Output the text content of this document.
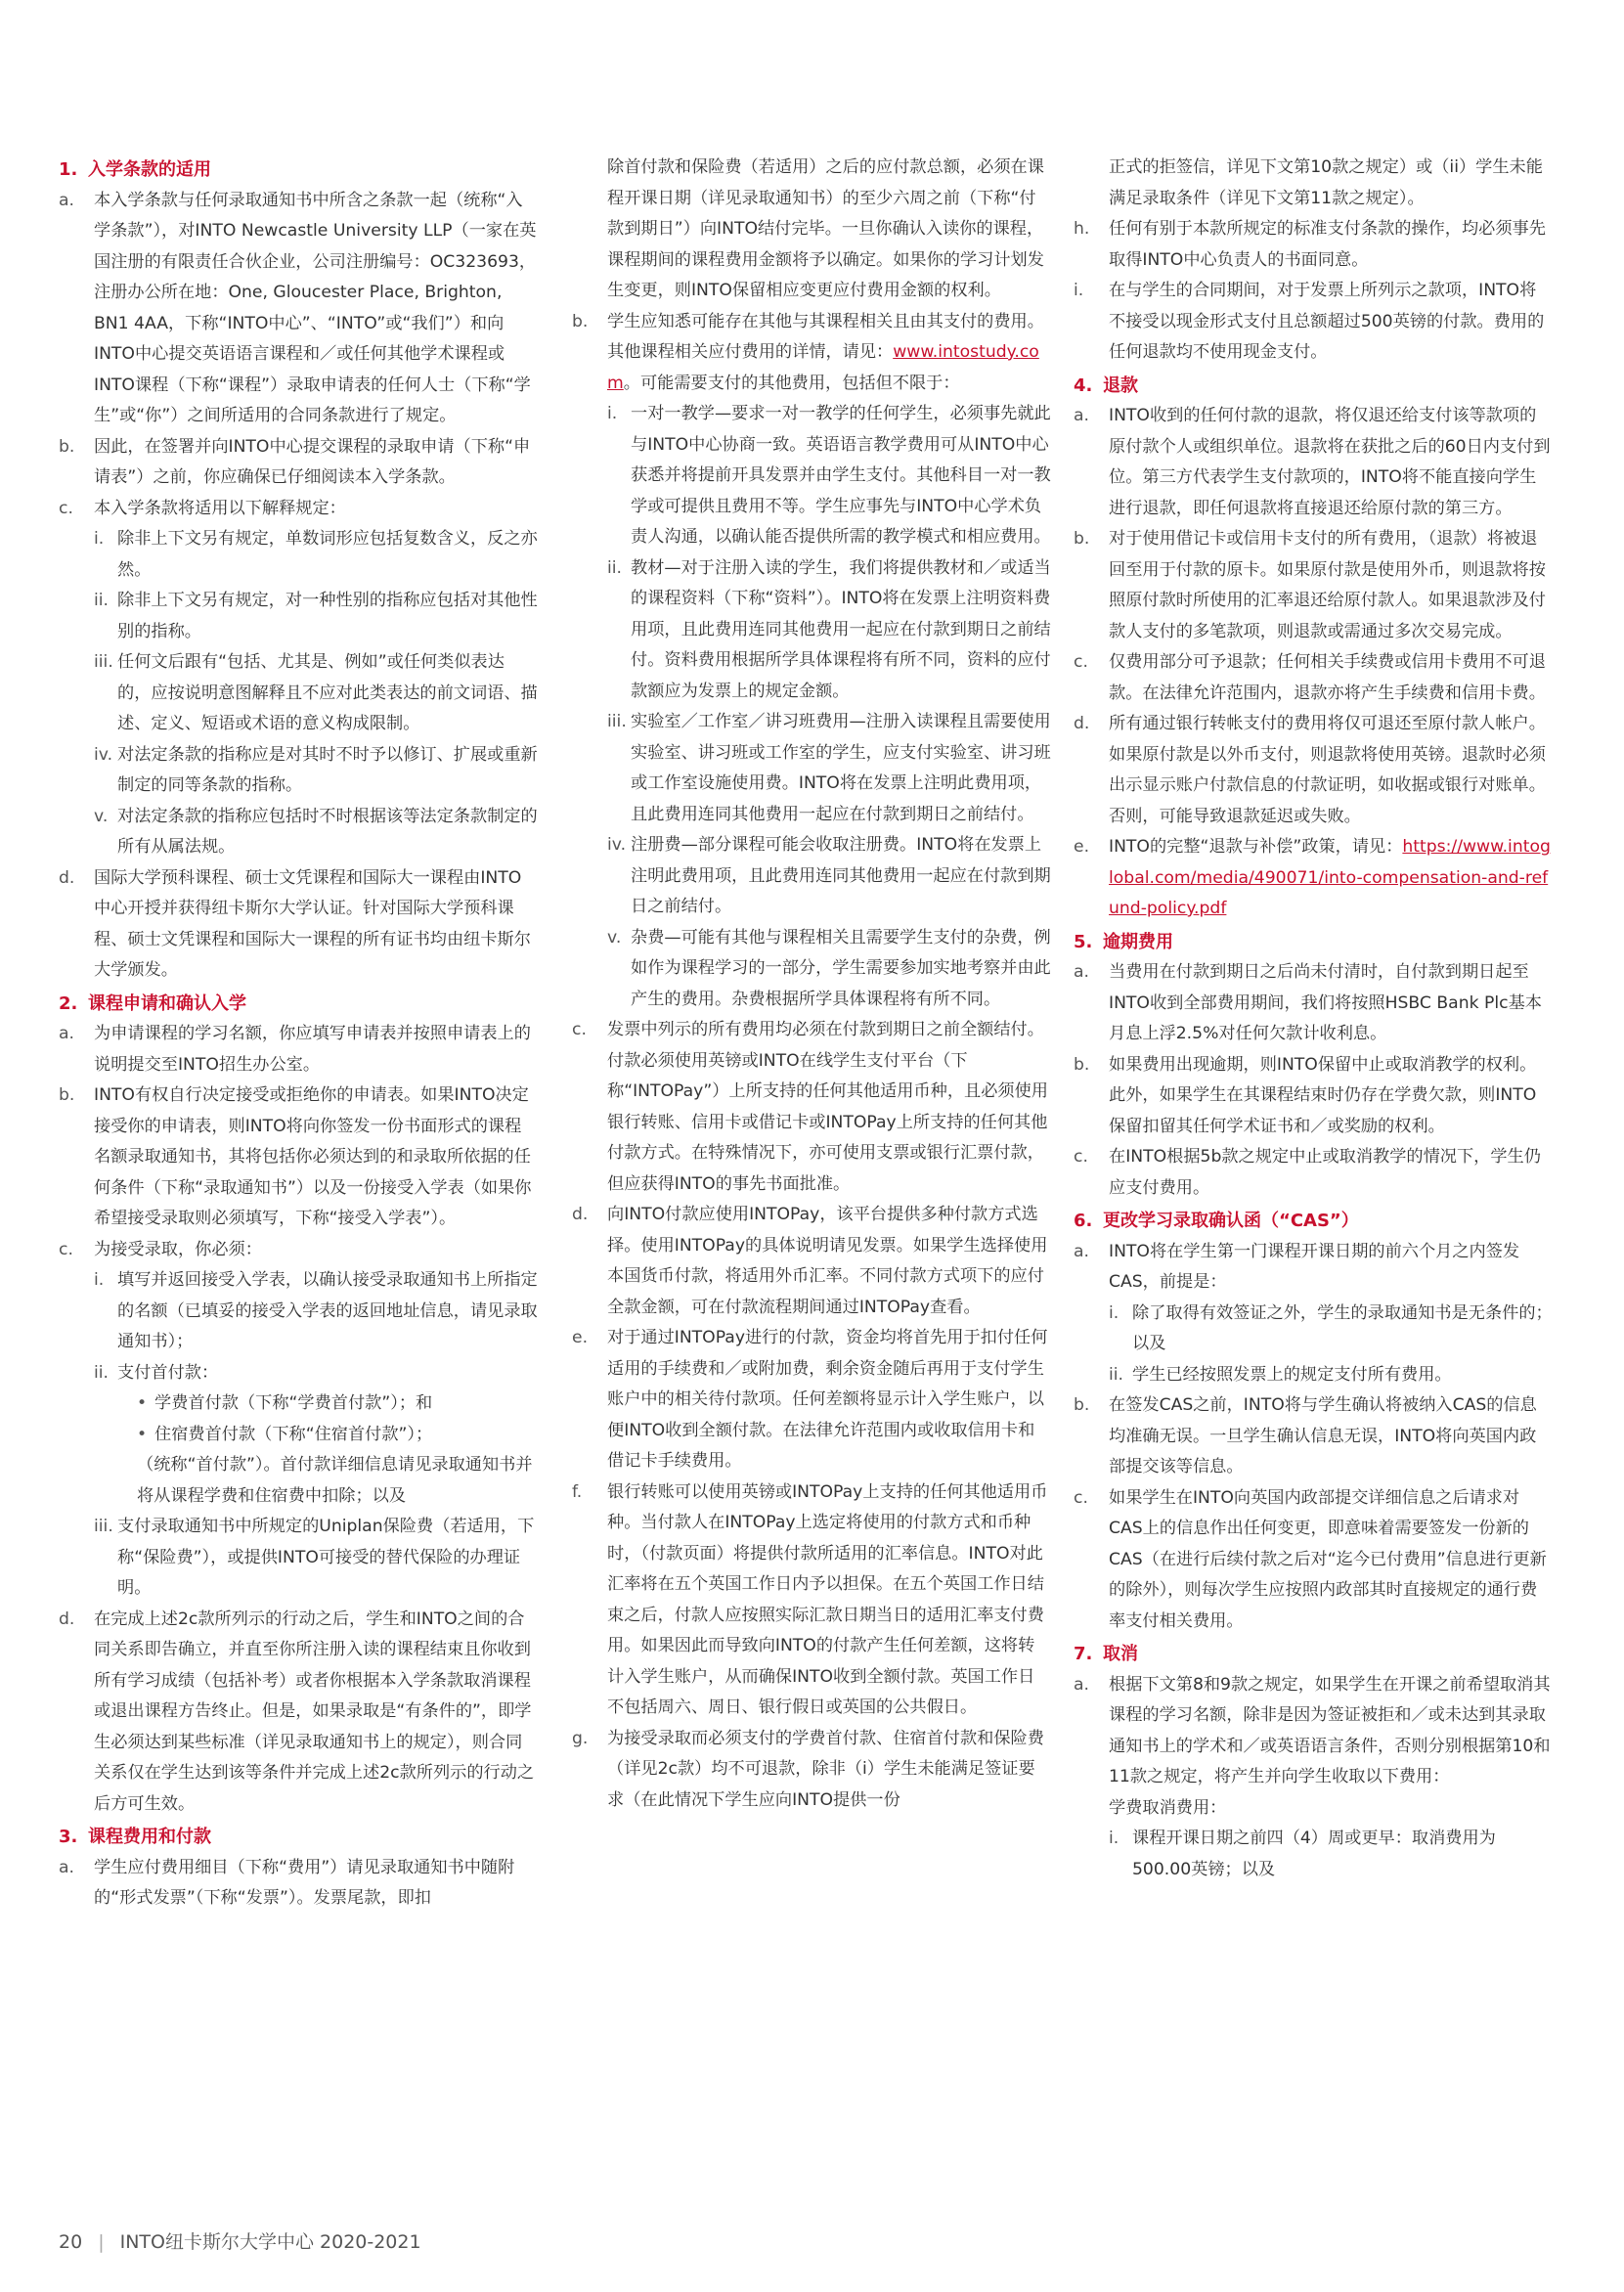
1. 入学条款的适用
a. 本入学条款与任何录取通知书中所含之条款一起（统称“入学条款”），对INTO Newcastle University LLP（一家在英国注册的有限责任合伙企业，公司注册编号：OC323693，注册办公所在地：One, Gloucester Place, Brighton, BN1 4AA，下称“INTO中心”、“INTO”或“我们”）和向INTO中心提交英语语言课程和／或任何其他学术课程或INTO课程（下称“课程”）录取申请表的任何人士（下称“学生”或“你”）之间所适用的合同条款进行了规定。
b. 因此，在签署并向INTO中心提交课程的录取申请（下称“申请表”）之前，你应确保已仔细阅读本入学条款。
c. 本入学条款将适用以下解释规定：
i. 除非上下文另有规定，单数词形应包括复数含义，反之亦然。
ii. 除非上下文另有规定，对一种性别的指称应包括对其他性别的指称。
iii. 任何文后跟有“包括、尤其是、例如”或任何类似表达的，应按说明意图解释且不应对此类表达的前文词语、描述、定义、短语或术语的意义构成限制。
iv. 对法定条款的指称应是对其时不时予以修订、扩展或重新制定的同等条款的指称。
v. 对法定条款的指称应包括时不时根据该等法定条款制定的所有从属法规。
d. 国际大学预科课程、硕士文凭课程和国际大一课程由INTO中心开授并获得纽卡斯尔大学认证。针对国际大学预科课程、硕士文凭课程和国际大一课程的所有证书均由纽卡斯尔大学颁发。
2. 课程申请和确认入学
a. 为申请课程的学习名额，你应填写申请表并按照申请表上的说明提交至INTO招生办公室。
b. INTO有权自行决定接受或拒绝你的申请表。如果INTO决定接受你的申请表，则INTO将向你签发一份书面形式的课程名额录取通知书，其将包括你必须达到的和录取所依据的任何条件（下称“录取通知书”）以及一份接受入学表（如果你希望接受录取则必须填写，下称“接受入学表”）。
c. 为接受录取，你必须：
i. 填写并返回接受入学表，以确认接受录取通知书上所指定的名额（已填妥的接受入学表的返回地址信息，请见录取通知书）；
ii. 支付首付款：
• 学费首付款（下称“学费首付款”）；和
• 住宿费首付款（下称“住宿首付款”）；
（统称“首付款”）。首付款详细信息请见录取通知书并将从课程学费和住宿费中扣除；以及
iii. 支付录取通知书中所规定的Uniplan保险费（若适用，下称“保险费”），或提供INTO可接受的替代保险的办理证明。
d. 在完成上述2c款所列示的行动之后，学生和INTO之间的合同关系即告确立，并直至你所注册入读的课程结束且你收到所有学习成绩（包括补考）或者你根据本入学条款取消课程或退出课程方告终止。但是，如果录取是“有条件的”，即学生必须达到某些标准（详见录取通知书上的规定），则合同关系仅在学生达到该等条件并完成上述2c款所列示的行动之后方可生效。
3. 课程费用和付款
a. 学生应付费用细目（下称“费用”）请见录取通知书中随附的“形式发票”（下称“发票”）。发票尾款，即扣
除首付款和保险费（若适用）之后的应付款总额，必须在课程开课日期（详见录取通知书）的至少六周之前（下称“付款到期日”）向INTO结付完毕。一旦你确认入读你的课程，课程期间的课程费用金额将予以确定。如果你的学习计划发生变更，则INTO保留相应变更应付费用金额的权利。
b. 学生应知悉可能存在其他与其课程相关且由其支付的费用。其他课程相关应付费用的详情，请见：www.intostudy.com。可能需要支付的其他费用，包括但不限于：
i. 一对一教学—要求一对一教学的任何学生，必须事先就此与INTO中心协商一致。英语语言教学费用可从INTO中心获悉并将提前开具发票并由学生支付。其他科目一对一教学或可提供且费用不等。学生应事先与INTO中心学术负责人沟通，以确认能否提供所需的教学模式和相应费用。
ii. 教材—对于注册入读的学生，我们将提供教材和／或适当的课程资料（下称“资料”）。INTO将在发票上注明资料费用项，且此费用连同其他费用一起应在付款到期日之前结付。资料费用根据所学具体课程将有所不同，资料的应付款额应为发票上的规定金额。
iii. 实验室／工作室／讲习班费用—注册入读课程且需要使用实验室、讲习班或工作室的学生，应支付实验室、讲习班或工作室设施使用费。INTO将在发票上注明此费用项，且此费用连同其他费用一起应在付款到期日之前结付。
iv. 注册费—部分课程可能会收取注册费。INTO将在发票上注明此费用项，且此费用连同其他费用一起应在付款到期日之前结付。
v. 杂费—可能有其他与课程相关且需要学生支付的杂费，例如作为课程学习的一部分，学生需要参加实地考察并由此产生的费用。杂费根据所学具体课程将有所不同。
c. 发票中列示的所有费用均必须在付款到期日之前全额结付。付款必须使用英镑或INTO在线学生支付平台（下称“INTOPay”）上所支持的任何其他适用币种，且必须使用银行转账、信用卡或借记卡或INTOPay上所支持的任何其他付款方式。在特殊情况下，亦可使用支票或银行汇票付款，但应获得INTO的事先书面批准。
d. 向INTO付款应使用INTOPay，该平台提供多种付款方式选择。使用INTOPay的具体说明请见发票。如果学生选择使用本国货币付款，将适用外币汇率。不同付款方式项下的应付全款金额，可在付款流程期间通过INTOPay查看。
e. 对于通过INTOPay进行的付款，资金均将首先用于扣付任何适用的手续费和／或附加费，剩余资金随后再用于支付学生账户中的相关待付款项。任何差额将显示计入学生账户，以便INTO收到全额付款。在法律允许范围内或收取信用卡和借记卡手续费用。
f. 银行转账可以使用英镑或INTOPay上支持的任何其他适用币种。当付款人在INTOPay上选定将使用的付款方式和币种时，（付款页面）将提供付款所适用的汇率信息。INTO对此汇率将在五个英国工作日内予以担保。在五个英国工作日结束之后，付款人应按照实际汇款日期当日的适用汇率支付费用。如果因此而导致向INTO的付款产生任何差额，这将转计入学生账户，从而确保INTO收到全额付款。英国工作日不包括周六、周日、银行假日或英国的公共假日。
g. 为接受录取而必须支付的学费首付款、住宿首付款和保险费（详见2c款）均不可退款，除非（i）学生未能满足签证要求（在此情况下学生应向INTO提供一份
正式的拒签信，详见下文第10款之规定）或（ii）学生未能满足录取条件（详见下文第11款之规定）。
h. 任何有别于本款所规定的标准支付条款的操作，均必须事先取得INTO中心负责人的书面同意。
i. 在与学生的合同期间，对于发票上所列示之款项，INTO将不接受以现金形式支付且总额超过500英镑的付款。费用的任何退款均不使用现金支付。
4. 退款
a. INTO收到的任何付款的退款，将仅退还给支付该等款项的原付款个人或组织单位。退款将在获批之后的60日内支付到位。第三方代表学生支付款项的，INTO将不能直接向学生进行退款，即任何退款将直接退还给原付款的第三方。
b. 对于使用借记卡或信用卡支付的所有费用，（退款）将被退回至用于付款的原卡。如果原付款是使用外币，则退款将按照原付款时所使用的汇率退还给原付款人。如果退款涉及付款人支付的多笔款项，则退款或需通过多次交易完成。
c. 仅费用部分可予退款；任何相关手续费或信用卡费用不可退款。在法律允许范围内，退款亦将产生手续费和信用卡费。
d. 所有通过银行转帐支付的费用将仅可退还至原付款人帐户。如果原付款是以外币支付，则退款将使用英镑。退款时必须出示显示账户付款信息的付款证明，如收据或银行对账单。否则，可能导致退款延迟或失败。
e. INTO的完整“退款与补偿”政策，请见：https://www.intoglobal.com/media/490071/into-compensation-and-refund-policy.pdf
5. 逾期费用
a. 当费用在付款到期日之后尚未付清时，自付款到期日起至INTO收到全部费用期间，我们将按照HSBC Bank Plc基本月息上浮2.5%对任何欠款计收利息。
b. 如果费用出现逾期，则INTO保留中止或取消教学的权利。此外，如果学生在其课程结束时仍存在学费欠款，则INTO保留扣留其任何学术证书和／或奖励的权利。
c. 在INTO根据5b款之规定中止或取消教学的情况下，学生仍应支付费用。
6. 更改学习录取确认函（“CAS”）
a. INTO将在学生第一门课程开课日期的前六个月之内签发CAS，前提是：
i. 除了取得有效签证之外，学生的录取通知书是无条件的；以及
ii. 学生已经按照发票上的规定支付所有费用。
b. 在签发CAS之前，INTO将与学生确认将被纳入CAS的信息均准确无误。一旦学生确认信息无误，INTO将向英国内政部提交该等信息。
c. 如果学生在INTO向英国内政部提交详细信息之后请求对CAS上的信息作出任何变更，即意味着需要签发一份新的CAS（在进行后续付款之后对“迄今已付费用”信息进行更新的除外），则每次学生应按照内政部其时直接规定的通行费率支付相关费用。
7. 取消
a. 根据下文第8和9款之规定，如果学生在开课之前希望取消其课程的学习名额，除非是因为签证被拒和／或未达到其录取通知书上的学术和／或英语语言条件，否则分别根据第10和11款之规定，将产生并向学生收取以下费用：
学费取消费用：
i. 课程开课日期之前四（4）周或更早：取消费用为500.00英镑；以及
20 | INTO纽卡斯尔大学中心 2020-2021
